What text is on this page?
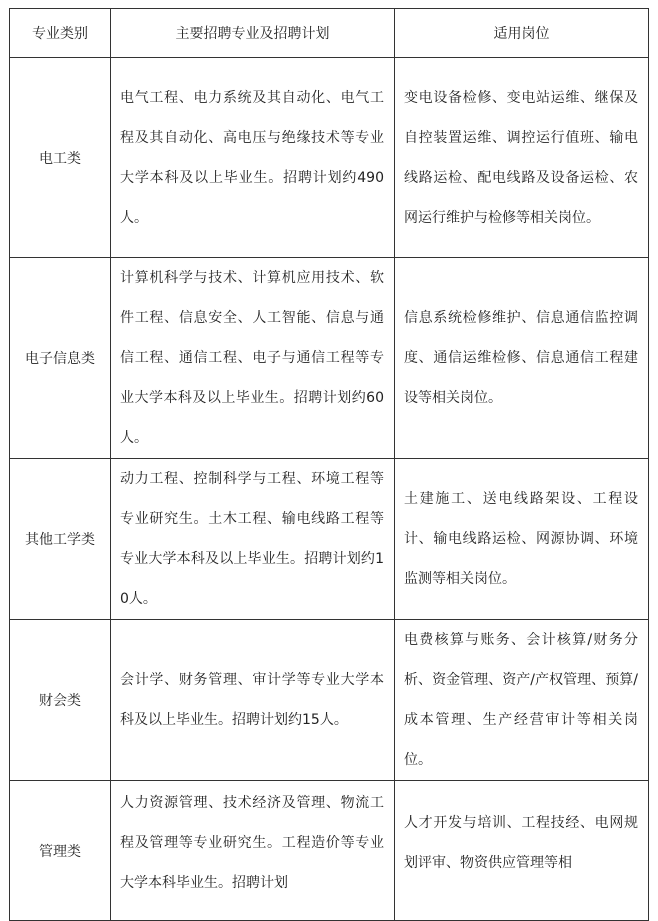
专业类别	主要招聘专业及招聘计划	适用岗位
电工类	电气工程、电力系统及其自动化、电气工程及其自动化、高电压与绝缘技术等专业大学本科及以上毕业生。招聘计划约490人。	变电设备检修、变电站运维、继保及自控装置运维、调控运行值班、输电线路运检、配电线路及设备运检、农网运行维护与检修等相关岗位。
电子信息类	计算机科学与技术、计算机应用技术、软件工程、信息安全、人工智能、信息与通信工程、通信工程、电子与通信工程等专业大学本科及以上毕业生。招聘计划约60人。	信息系统检修维护、信息通信监控调度、通信运维检修、信息通信工程建设等相关岗位。
其他工学类	动力工程、控制科学与工程、环境工程等专业研究生。土木工程、输电线路工程等专业大学本科及以上毕业生。招聘计划约10人。	土建施工、送电线路架设、工程设计、输电线路运检、网源协调、环境监测等相关岗位。
财会类	会计学、财务管理、审计学等专业大学本科及以上毕业生。招聘计划约15人。	电费核算与账务、会计核算/财务分析、资金管理、资产/产权管理、预算/成本管理、生产经营审计等相关岗位。
管理类	人力资源管理、技术经济及管理、物流工程及管理等专业研究生。工程造价等专业大学本科毕业生。招聘计划	人才开发与培训、工程技经、电网规划评审、物资供应管理等相
